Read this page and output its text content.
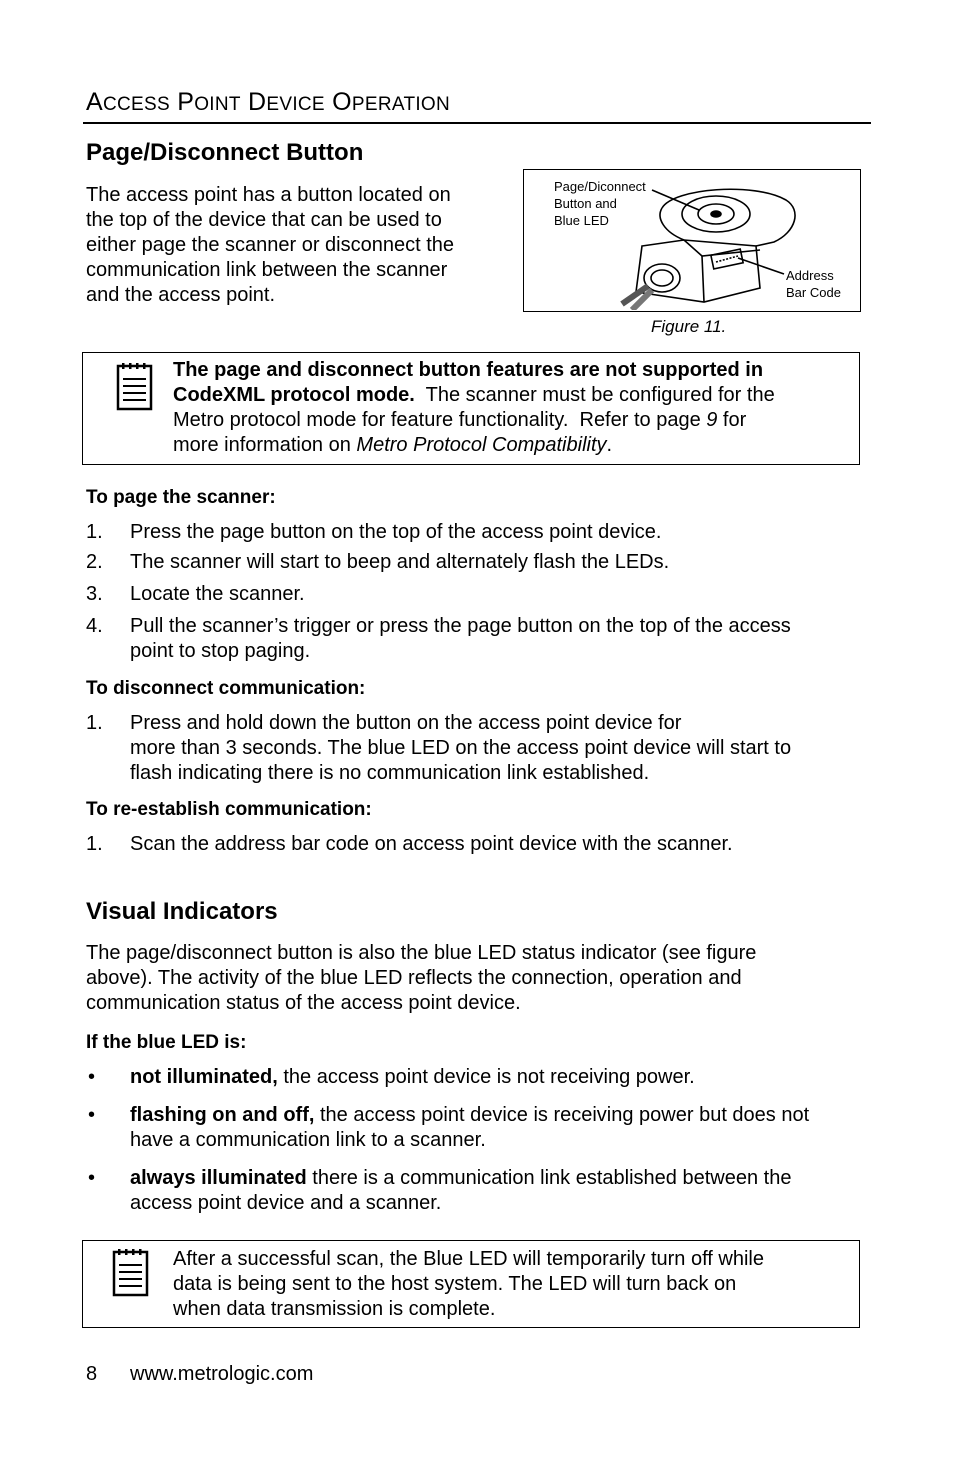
ACCESS POINT DEVICE OPERATION
Page/Disconnect Button
The access point has a button located on
the top of the device that can be used to
either page the scanner or disconnect the
communication link between the scanner
and the access point.
Page/Diconnect
Button and
Blue LED
Address
Bar Code
Figure 11.
The page and disconnect button features are not supported in
CodeXML protocol mode.  The scanner must be configured for the
Metro protocol mode for feature functionality.  Refer to page 9 for
more information on Metro Protocol Compatibility.
To page the scanner:
1. Press the page button on the top of the access point device.
2. The scanner will start to beep and alternately flash the LEDs.
3. Locate the scanner.
4. Pull the scanner’s trigger or press the page button on the top of the access
point to stop paging.
To disconnect communication:
1. Press and hold down the button on the access point device for
more than 3 seconds. The blue LED on the access point device will start to
flash indicating there is no communication link established.
To re-establish communication:
1. Scan the address bar code on access point device with the scanner.
Visual Indicators
The page/disconnect button is also the blue LED status indicator (see figure
above). The activity of the blue LED reflects the connection, operation and
communication status of the access point device.
If the blue LED is:
• not illuminated, the access point device is not receiving power.
• flashing on and off, the access point device is receiving power but does not
have a communication link to a scanner.
• always illuminated there is a communication link established between the
access point device and a scanner.
After a successful scan, the Blue LED will temporarily turn off while
data is being sent to the host system. The LED will turn back on
when data transmission is complete.
8 www.metrologic.com
